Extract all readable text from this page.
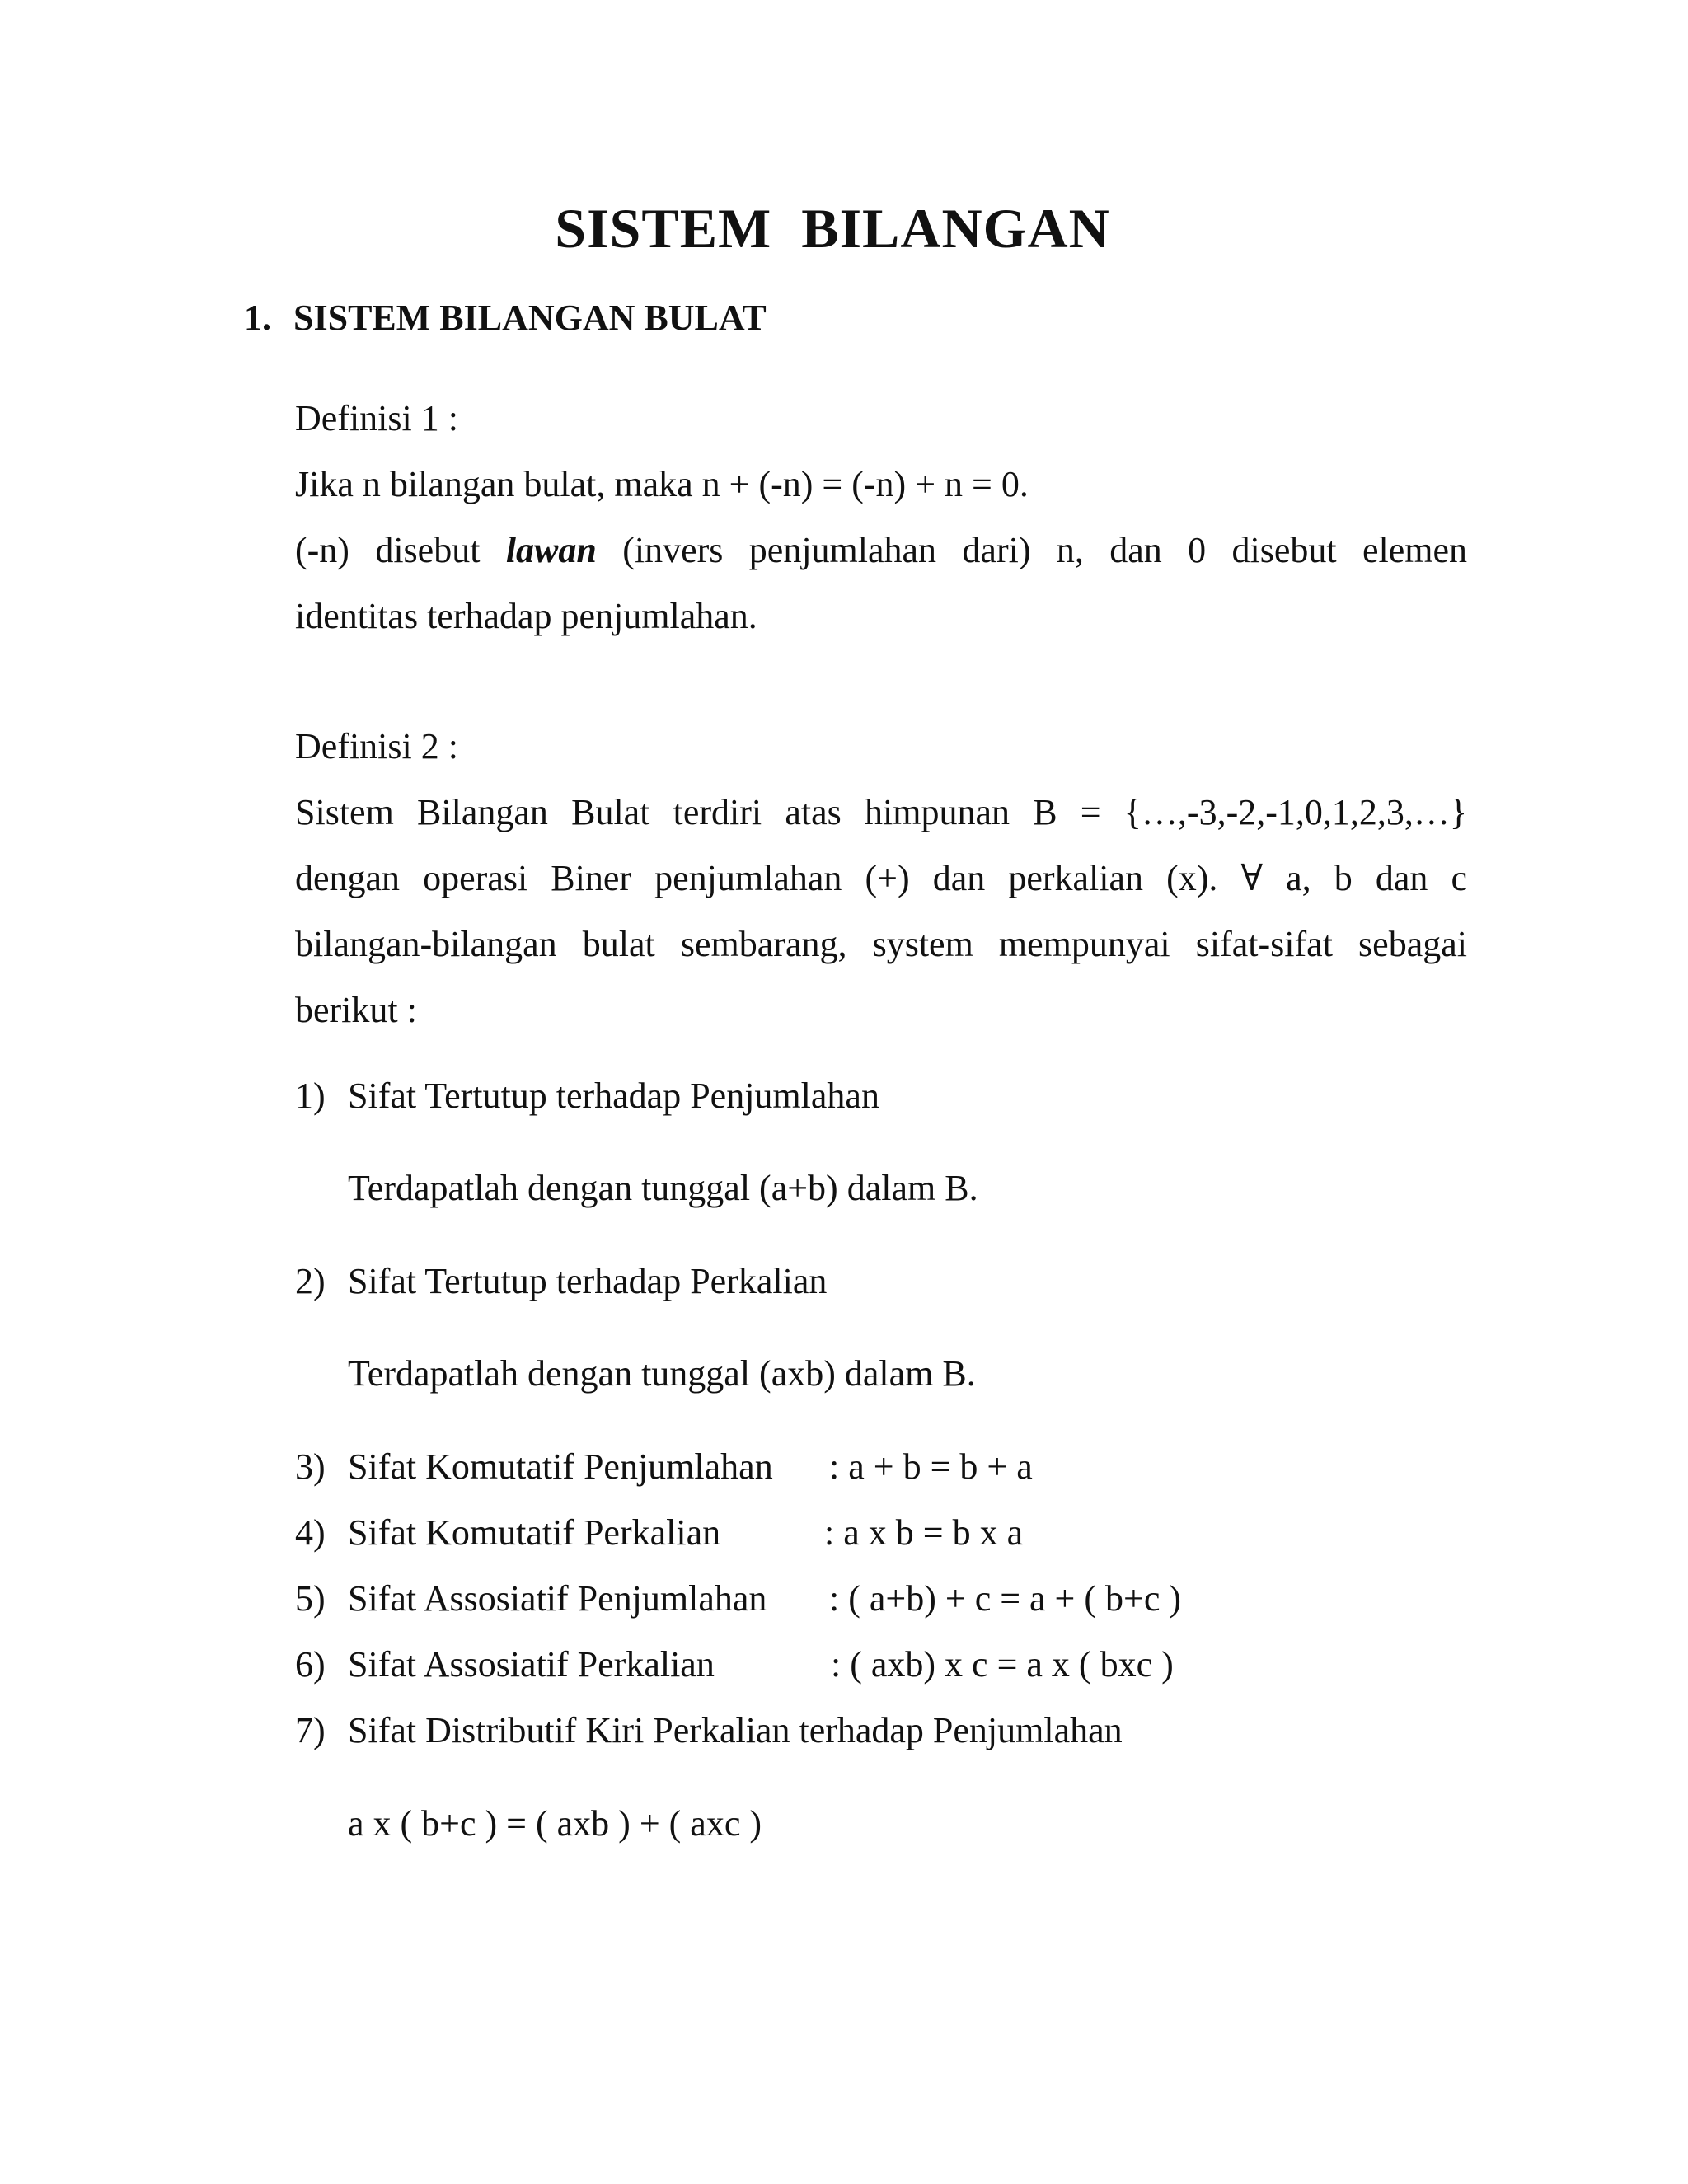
SISTEM BILANGAN
1. SISTEM BILANGAN BULAT
Definisi 1 :
Jika n bilangan bulat, maka n + (-n) = (-n) + n = 0.
(-n) disebut lawan (invers penjumlahan dari) n, dan 0 disebut elemen
identitas terhadap penjumlahan.
Definisi 2 :
Sistem Bilangan Bulat terdiri atas himpunan B = {…,-3,-2,-1,0,1,2,3,…}
dengan operasi Biner penjumlahan (+) dan perkalian (x). ∀ a, b dan c
bilangan-bilangan bulat sembarang, system mempunyai sifat-sifat sebagai
berikut :

1) Sifat Tertutup terhadap Penjumlahan

Terdapatlah dengan tunggal (a+b) dalam B.

2) Sifat Tertutup terhadap Perkalian

Terdapatlah dengan tunggal (axb) dalam B.

3) Sifat Komutatif Penjumlahan : a + b = b + a

4) Sifat Komutatif Perkalian	: a x b = b x a

5) Sifat Assosiatif Penjumlahan : ( a+b) + c = a + ( b+c )

6) Sifat Assosiatif Perkalian	: ( axb) x c = a x ( bxc )

7) Sifat Distributif Kiri Perkalian terhadap Penjumlahan

a x ( b+c ) = ( axb ) + ( axc )
